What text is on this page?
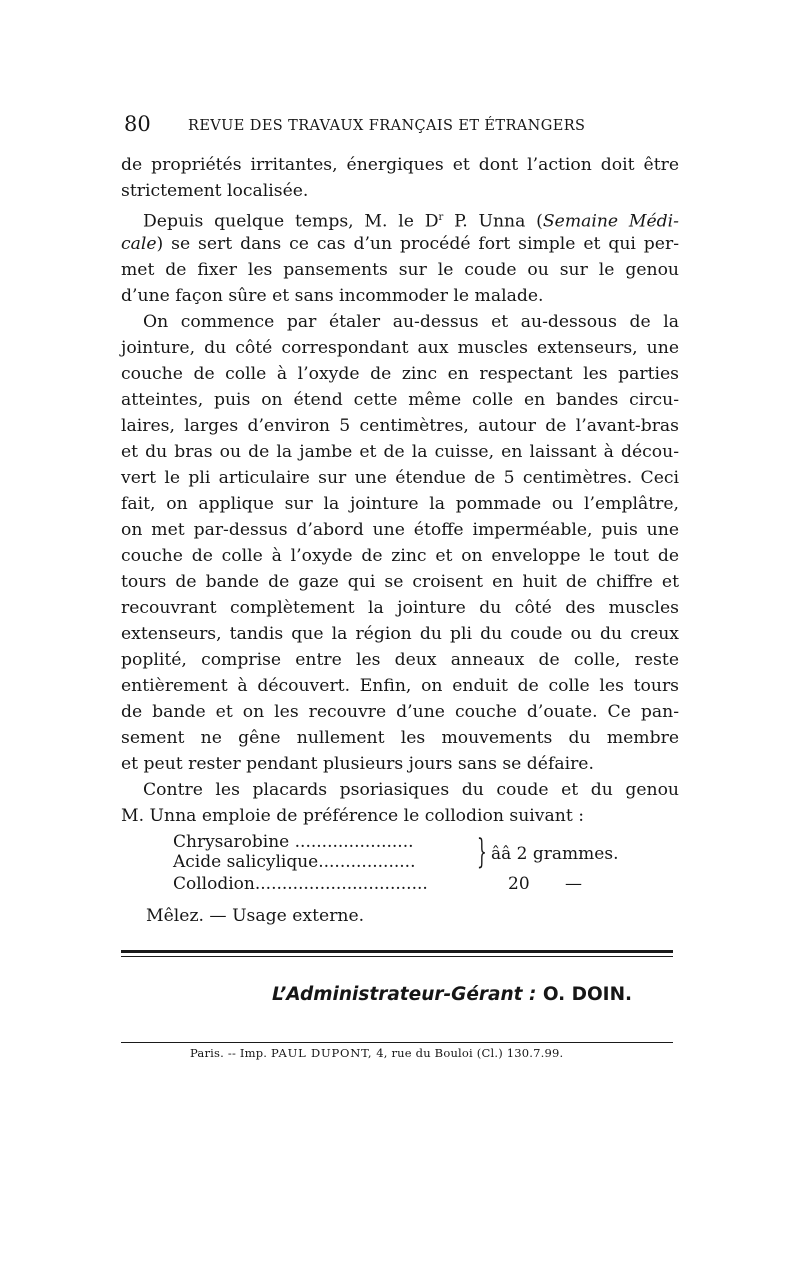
80	REVUE DES TRAVAUX FRANÇAIS ET ÉTRANGERS
de propriétés irritantes, énergiques et dont l’action doit être
strictement localisée.
Depuis quelque temps, M. le $D^r$ P. Unna (Semaine Médi-
cale) se sert dans ce cas d’un procédé fort simple et qui per-
met de fixer les pansements sur le coude ou sur le genou
d’une façon sûre et sans incommoder le malade.
On commence par étaler au-dessus et au-dessous de la
jointure, du côté correspondant aux muscles extenseurs, une
couche de colle à l’oxyde de zinc en respectant les parties
atteintes, puis on étend cette même colle en bandes circu-
laires, larges d’environ 5 centimètres, autour de l’avant-bras
et du bras ou de la jambe et de la cuisse, en laissant à décou-
vert le pli articulaire sur une étendue de 5 centimètres. Ceci
fait, on applique sur la jointure la pommade ou l’emplâtre,
on met par-dessus d’abord une étoffe imperméable, puis une
couche de colle à l’oxyde de zinc et on enveloppe le tout de
tours de bande de gaze qui se croisent en huit de chiffre et
recouvrant complètement la jointure du côté des muscles
extenseurs, tandis que la région du pli du coude ou du creux
poplité, comprise entre les deux anneaux de colle, reste
entièrement à découvert. Enfin, on enduit de colle les tours
de bande et on les recouvre d’une couche d’ouate. Ce pan-
sement ne gêne nullement les mouvements du membre
et peut rester pendant plusieurs jours sans se défaire.
Contre les placards psoriasiques du coude et du genou
M. Unna emploie de préférence le collodion suivant :
Chrysarobine ......................
Acide salicylique..................
Collodion................................
} ââ 2 grammes.
20 —
Mêlez. — Usage externe.
L’Administrateur-Gérant : O. DOIN.
Paris. -- Imp. PAUL DUPONT, 4, rue du Bouloi (Cl.) 130.7.99.
